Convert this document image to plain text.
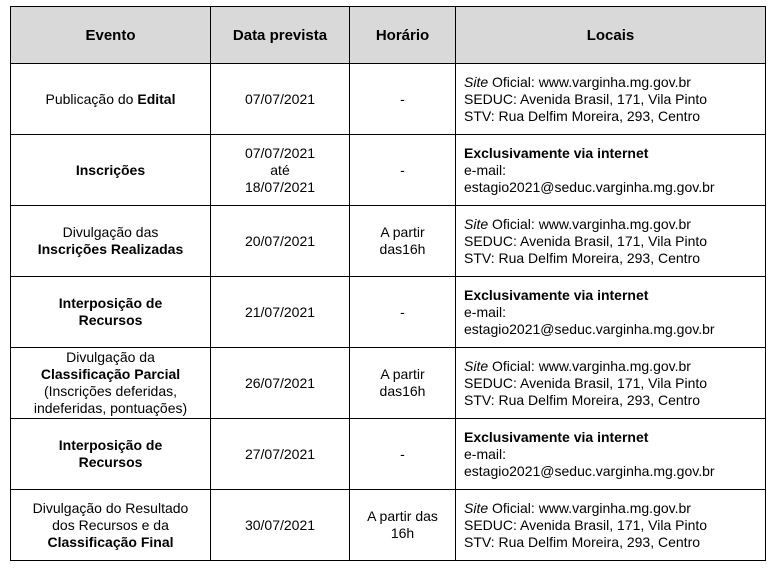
Evento	Data prevista	Horário	Locais

Publicação do Edital	07/07/2021	-	Site Oficial: www.varginha.mg.gov.br
SEDUC: Avenida Brasil, 171, Vila Pinto
STV: Rua Delfim Moreira, 293, Centro

Inscrições	07/07/2021
até
18/07/2021	-	Exclusivamente via internet
e-mail:
estagio2021@seduc.varginha.mg.gov.br

Divulgação das
Inscrições Realizadas	20/07/2021	A partir
das16h	Site Oficial: www.varginha.mg.gov.br
SEDUC: Avenida Brasil, 171, Vila Pinto
STV: Rua Delfim Moreira, 293, Centro

Interposição de
Recursos	21/07/2021	-	Exclusivamente via internet
e-mail:
estagio2021@seduc.varginha.mg.gov.br

Divulgação da
Classificação Parcial
(Inscrições deferidas,
indeferidas, pontuações)	26/07/2021	A partir
das16h	Site Oficial: www.varginha.mg.gov.br
SEDUC: Avenida Brasil, 171, Vila Pinto
STV: Rua Delfim Moreira, 293, Centro

Interposição de
Recursos	27/07/2021	-	Exclusivamente via internet
e-mail:
estagio2021@seduc.varginha.mg.gov.br

Divulgação do Resultado
dos Recursos e da
Classificação Final	30/07/2021	A partir das
16h	Site Oficial: www.varginha.mg.gov.br
SEDUC: Avenida Brasil, 171, Vila Pinto
STV: Rua Delfim Moreira, 293, Centro
